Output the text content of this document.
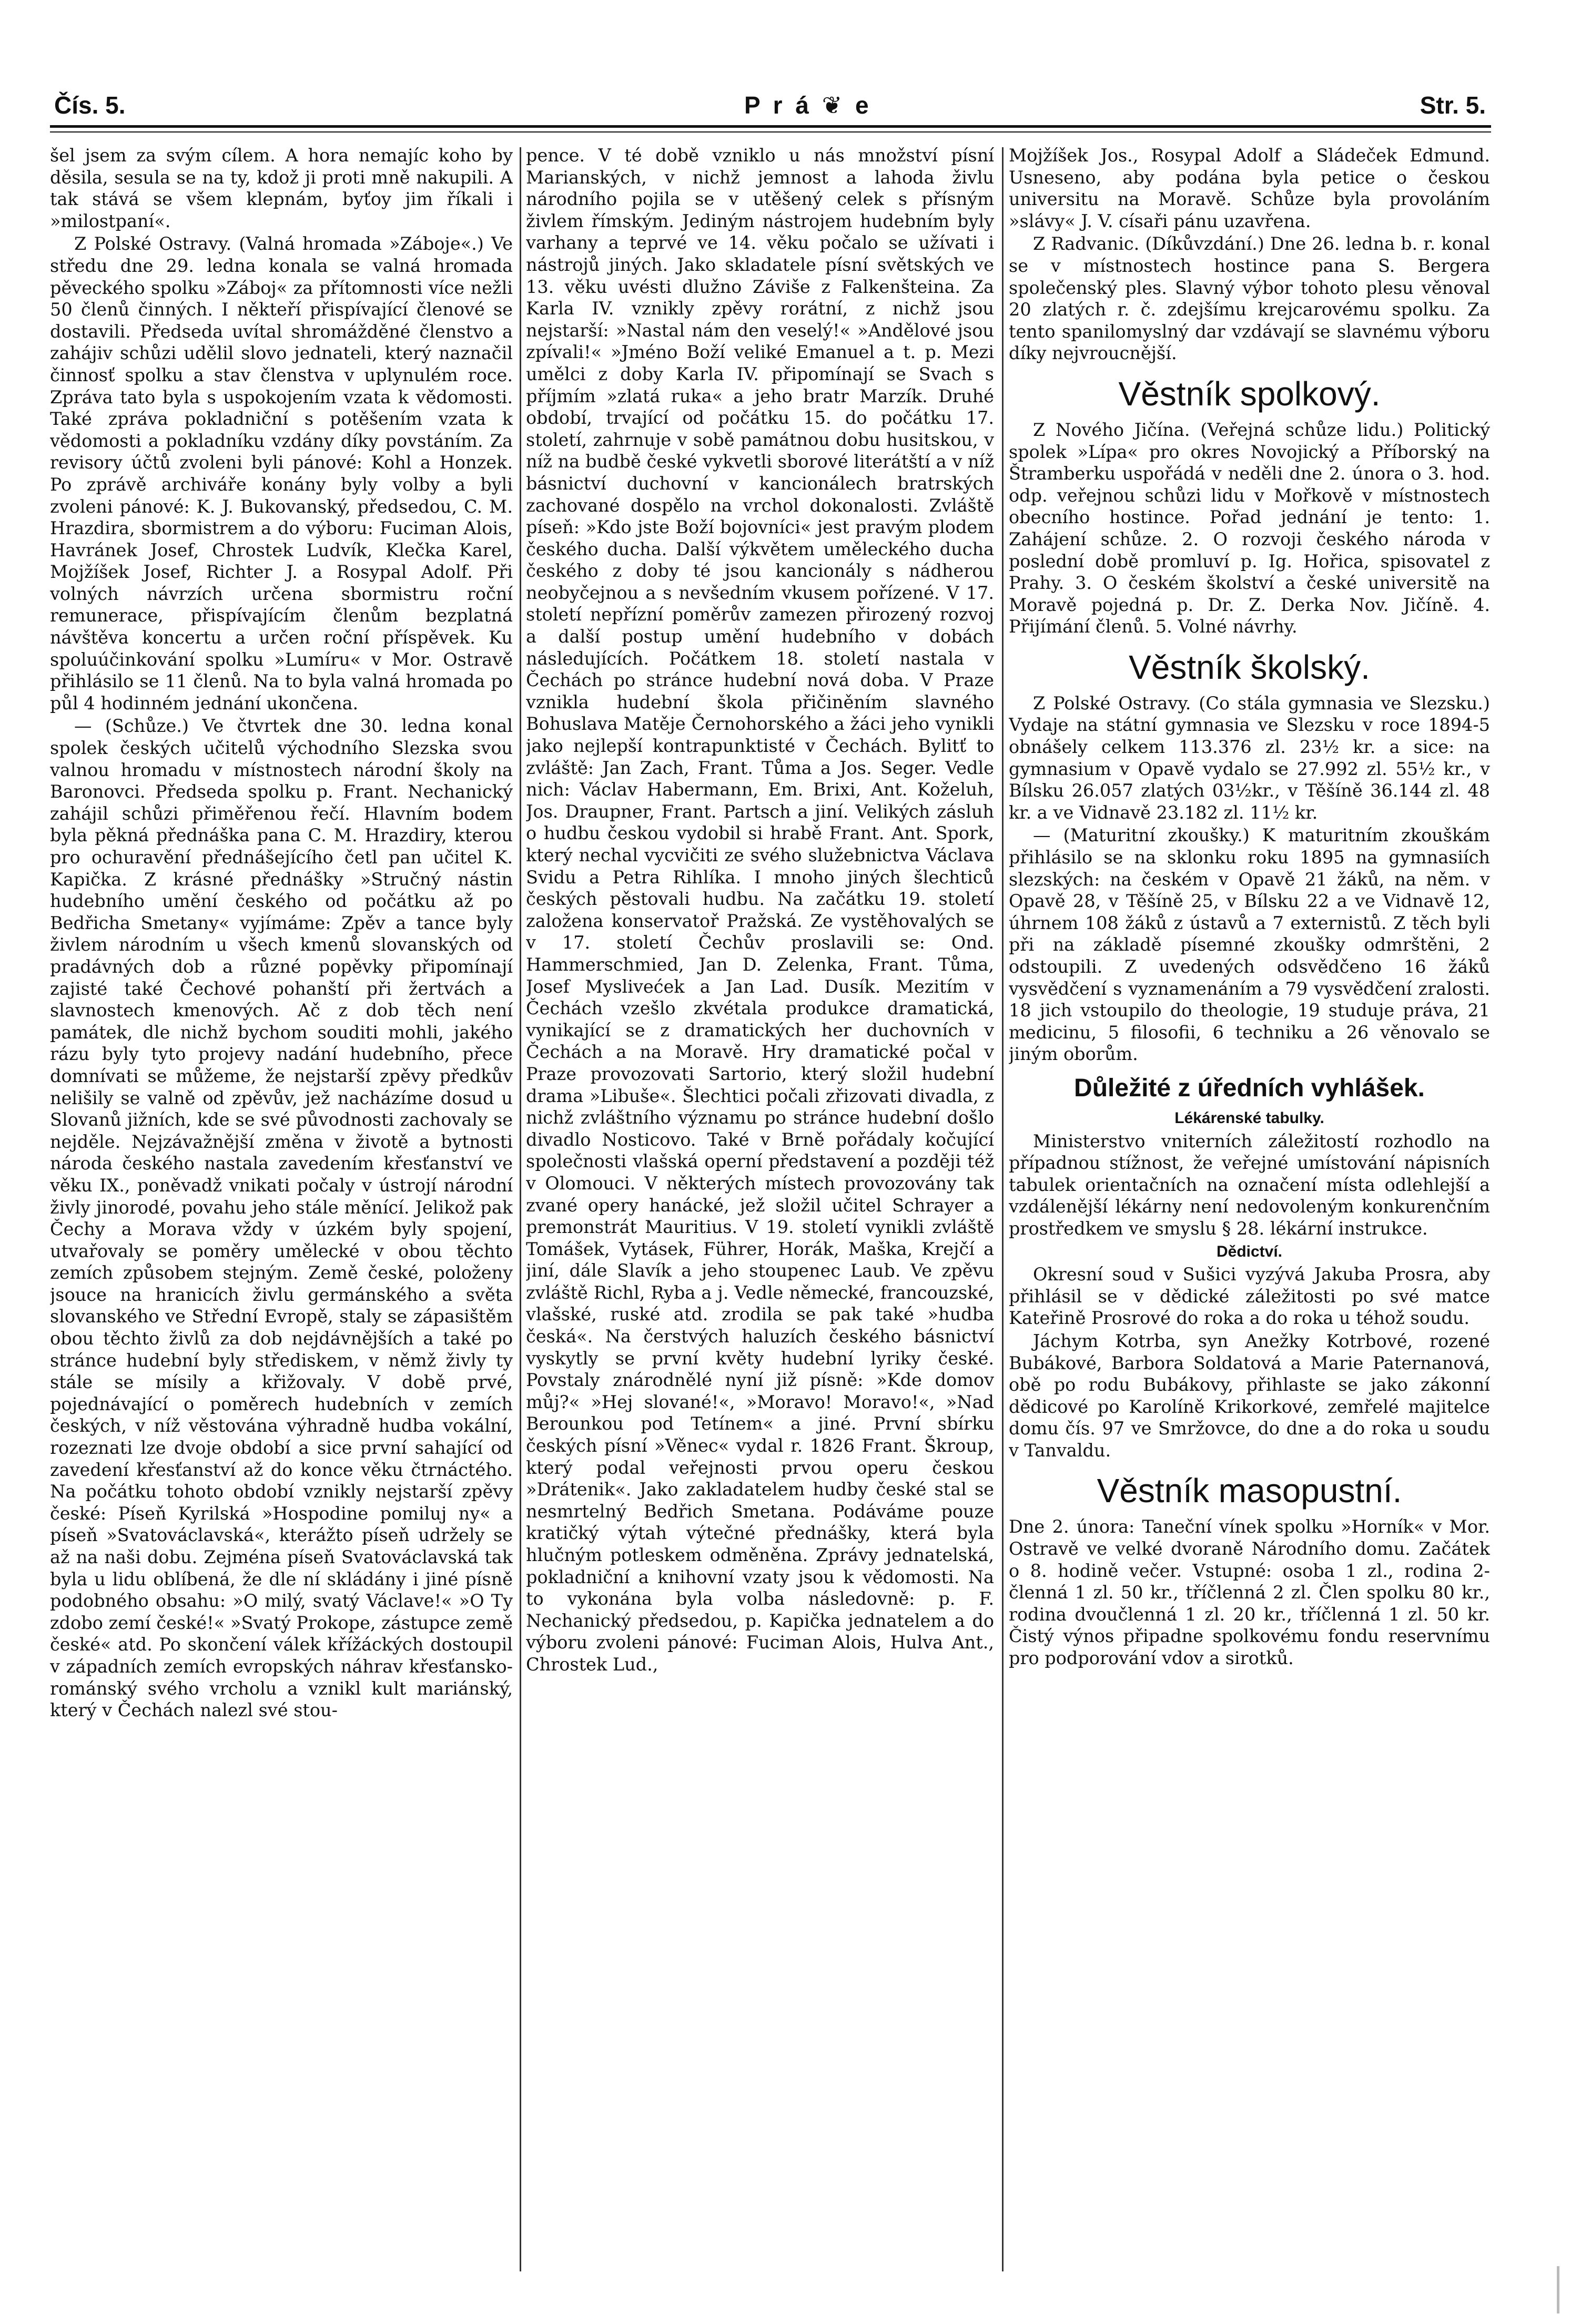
Čís. 5.	P r á ❦ e	Str. 5.

šel jsem za svým cílem. A hora nemajíc koho by děsila, sesula se na ty, kdož ji proti mně nakupili. A tak stává se všem klepnám, byťoy jim říkali i »milostpaní«.

Z Polské Ostravy. (Valná hromada »Záboje«.) Ve středu dne 29. ledna konala se valná hromada pěveckého spolku »Záboj« za přítomnosti více nežli 50 členů činných. I někteří přispívající členové se dostavili. Předseda uvítal shromážděné členstvo a zahájiv schůzi udělil slovo jednateli, který naznačil činnosť spolku a stav členstva v uplynulém roce. Zpráva tato byla s uspokojením vzata k vědomosti. Také zpráva pokladniční s potěšením vzata k vědomosti a pokladníku vzdány díky povstáním. Za revisory účtů zvoleni byli pánové: Kohl a Honzek. Po zprávě archiváře konány byly volby a byli zvoleni pánové: K. J. Bukovanský, předsedou, C. M. Hrazdira, sbormistrem a do výboru: Fuciman Alois, Havránek Josef, Chrostek Ludvík, Klečka Karel, Mojžíšek Josef, Richter J. a Rosypal Adolf. Při volných návrzích určena sbormistru roční remunerace, přispívajícím členům bezplatná návštěva koncertu a určen roční příspěvek. Ku spoluúčinkování spolku »Lumíru« v Mor. Ostravě přihlásilo se 11 členů. Na to byla valná hromada po půl 4 hodinném jednání ukončena.

— (Schůze.) Ve čtvrtek dne 30. ledna konal spolek českých učitelů východního Slezska svou valnou hromadu v místnostech národní školy na Baronovci. Předseda spolku p. Frant. Nechanický zahájil schůzi přiměřenou řečí. Hlavním bodem byla pěkná přednáška pana C. M. Hrazdiry, kterou pro ochuravění přednášejícího četl pan učitel K. Kapička. Z krásné přednášky »Stručný nástin hudebního umění českého od počátku až po Bedřicha Smetany« vyjímáme: Zpěv a tance byly živlem národním u všech kmenů slovanských od pradávných dob a různé popěvky připomínají zajisté také Čechové pohanští při žertvách a slavnostech kmenových. Ač z dob těch není památek, dle nichž bychom souditi mohli, jakého rázu byly tyto projevy nadání hudebního, přece domnívati se můžeme, že nejstarší zpěvy předkův nelišily se valně od zpěvův, jež nacházíme dosud u Slovanů jižních, kde se své původnosti zachovaly se nejděle. Nejzávažnější změna v životě a bytnosti národa českého nastala zavedením křesťanství ve věku IX., poněvadž vnikati počaly v ústrojí národní živly jinorodé, povahu jeho stále měnící. Jelikož pak Čechy a Morava vždy v úzkém byly spojení, utvařovaly se poměry umělecké v obou těchto zemích způsobem stejným. Země české, položeny jsouce na hranicích živlu germánského a světa slovanského ve Střední Evropě, staly se zápasištěm obou těchto živlů za dob nejdávnějších a také po stránce hudební byly střediskem, v němž živly ty stále se mísily a křižovaly. V době prvé, pojednávající o poměrech hudebních v zemích českých, v níž věstována výhradně hudba vokální, rozeznati lze dvoje období a sice první sahající od zavedení křesťanství až do konce věku čtrnáctého. Na počátku tohoto období vznikly nejstarší zpěvy české: Píseň Kyrilská »Hospodine pomiluj ny« a píseň »Svatováclavská«, kterážto píseň udržely se až na naši dobu. Zejména píseň Svatováclavská tak byla u lidu oblíbená, že dle ní skládány i jiné písně podobného obsahu: »O milý, svatý Václave!« »O Ty zdobo zemí české!« »Svatý Prokope, zástupce země české« atd. Po skončení válek křížáckých dostoupil v západních zemích evropských náhrav křesťansko-románský svého vrcholu a vznikl kult mariánský, který v Čechách nalezl své stou-

pence. V té době vzniklo u nás množství písní Marianských, v nichž jemnost a lahoda živlu národního pojila se v utěšený celek s přísným živlem římským. Jediným nástrojem hudebním byly varhany a teprvé ve 14. věku počalo se užívati i nástrojů jiných. Jako skladatele písní světských ve 13. věku uvésti dlužno Záviše z Falkenšteina. Za Karla IV. vznikly zpěvy rorátní, z nichž jsou nejstarší: »Nastal nám den veselý!« »Andělové jsou zpívali!« »Jméno Boží veliké Emanuel a t. p. Mezi umělci z doby Karla IV. připomínají se Svach s příjmím »zlatá ruka« a jeho bratr Marzík. Druhé období, trvající od počátku 15. do počátku 17. století, zahrnuje v sobě památnou dobu husitskou, v níž na budbě české vykvetli sborové literátští a v níž básnictví duchovní v kancionálech bratrských zachované dospělo na vrchol dokonalosti. Zvláště píseň: »Kdo jste Boží bojovníci« jest pravým plodem českého ducha. Další výkvětem uměleckého ducha českého z doby té jsou kancionály s nádherou neobyčejnou a s nevšedním vkusem pořízené. V 17. století nepřízní poměrův zamezen přirozený rozvoj a další postup umění hudebního v dobách následujících. Počátkem 18. století nastala v Čechách po stránce hudební nová doba. V Praze vznikla hudební škola přičiněním slavného Bohuslava Matěje Černohorského a žáci jeho vynikli jako nejlepší kontrapunktisté v Čechách. Bylitť to zvláště: Jan Zach, Frant. Tůma a Jos. Seger. Vedle nich: Václav Habermann, Em. Brixi, Ant. Koželuh, Jos. Draupner, Frant. Partsch a jiní. Velikých zásluh o hudbu českou vydobil si hrabě Frant. Ant. Spork, který nechal vycvičiti ze svého služebnictva Václava Svidu a Petra Rihlíka. I mnoho jiných šlechticů českých pěstovali hudbu. Na začátku 19. století založena konservatoř Pražská. Ze vystěhovalých se v 17. století Čechův proslavili se: Ond. Hammerschmied, Jan D. Zelenka, Frant. Tůma, Josef Myslivećek a Jan Lad. Dusík. Mezitím v Čechách vzešlo zkvétala produkce dramatická, vynikající se z dramatických her duchovních v Čechách a na Moravě. Hry dramatické počal v Praze provozovati Sartorio, který složil hudební drama »Libuše«. Šlechtici počali zřizovati divadla, z nichž zvláštního významu po stránce hudební došlo divadlo Nosticovo. Také v Brně pořádaly kočující společnosti vlašská operní představení a později též v Olomouci. V některých místech provozovány tak zvané opery hanácké, jež složil učitel Schrayer a premonstrát Mauritius. V 19. století vynikli zvláště Tomášek, Vytásek, Führer, Horák, Maška, Krejčí a jiní, dále Slavík a jeho stoupenec Laub. Ve zpěvu zvláště Richl, Ryba a j. Vedle německé, francouzské, vlašské, ruské atd. zrodila se pak také »hudba česká«. Na čerstvých haluzích českého básnictví vyskytly se první květy hudební lyriky české. Povstaly znárodnělé nyní již písně: »Kde domov můj?« »Hej slované!«, »Moravo! Moravo!«, »Nad Berounkou pod Tetínem« a jiné. První sbírku českých písní »Věnec« vydal r. 1826 Frant. Škroup, který podal veřejnosti prvou operu českou »Drátenik«. Jako zakladatelem hudby české stal se nesmrtelný Bedřich Smetana. Podáváme pouze kratičký výtah výtečné přednášky, která byla hlučným potleskem odměněna. Zprávy jednatelská, pokladniční a knihovní vzaty jsou k vědomosti. Na to vykonána byla volba následovně: p. F. Nechanický předsedou, p. Kapička jednatelem a do výboru zvoleni pánové: Fuciman Alois, Hulva Ant., Chrostek Lud.,

Mojžíšek Jos., Rosypal Adolf a Sládeček Edmund. Usneseno, aby podána byla petice o českou universitu na Moravě. Schůze byla provoláním »slávy« J. V. císaři pánu uzavřena.

Z Radvanic. (Díkůvzdání.) Dne 26. ledna b. r. konal se v místnostech hostince pana S. Bergera společenský ples. Slavný výbor tohoto plesu věnoval 20 zlatých r. č. zdejšímu krejcarovému spolku. Za tento spanilomyslný dar vzdávají se slavnému výboru díky nejvroucnější.

Věstník spolkový.

Z Nového Jičína. (Veřejná schůze lidu.) Politický spolek »Lípa« pro okres Novojický a Příborský na Štramberku uspořádá v neděli dne 2. února o 3. hod. odp. veřejnou schůzi lidu v Mořkově v místnostech obecního hostince. Pořad jednání je tento: 1. Zahájení schůze. 2. O rozvoji českého národa v poslední době promluví p. Ig. Hořica, spisovatel z Prahy. 3. O českém školství a české universitě na Moravě pojedná p. Dr. Z. Derka Nov. Jičíně. 4. Přijímání členů. 5. Volné návrhy.

Věstník školský.

Z Polské Ostravy. (Co stála gymnasia ve Slezsku.) Vydaje na státní gymnasia ve Slezsku v roce 1894-5 obnášely celkem 113.376 zl. 23½ kr. a sice: na gymnasium v Opavě vydalo se 27.992 zl. 55½ kr., v Bílsku 26.057 zlatých 03½kr., v Těšíně 36.144 zl. 48 kr. a ve Vidnavě 23.182 zl. 11½ kr.

— (Maturitní zkoušky.) K maturitním zkouškám přihlásilo se na sklonku roku 1895 na gymnasiích slezských: na českém v Opavě 21 žáků, na něm. v Opavě 28, v Těšíně 25, v Bílsku 22 a ve Vidnavě 12, úhrnem 108 žáků z ústavů a 7 externistů. Z těch byli při na základě písemné zkoušky odmrštěni, 2 odstoupili. Z uvedených odsvědčeno 16 žáků vysvědčení s vyznamenáním a 79 vysvědčení zralosti. 18 jich vstoupilo do theologie, 19 studuje práva, 21 medicinu, 5 filosofii, 6 techniku a 26 věnovalo se jiným oborům.

Důležité z úředních vyhlášek.

Lékárenské tabulky.

Ministerstvo vniterních záležitostí rozhodlo na případnou stížnost, že veřejné umístování nápisních tabulek orientačních na označení místa odlehlejší a vzdálenější lékárny není nedovoleným konkurenčním prostředkem ve smyslu § 28. lékární instrukce.

Dědictví.

Okresní soud v Sušici vyzývá Jakuba Prosra, aby přihlásil se v dědické záležitosti po své matce Kateřině Prosrové do roka a do roka u téhož soudu.

Jáchym Kotrba, syn Anežky Kotrbové, rozené Bubákové, Barbora Soldatová a Marie Paternanová, obě po rodu Bubákovy, přihlaste se jako zákonní dědicové po Karolíně Krikorkové, zemřelé majitelce domu čís. 97 ve Smržovce, do dne a do roka u soudu v Tanvaldu.

Věstník masopustní.

Dne 2. února: Taneční vínek spolku »Horník« v Mor. Ostravě ve velké dvoraně Národního domu. Začátek o 8. hodině večer. Vstupné: osoba 1 zl., rodina 2-členná 1 zl. 50 kr., tříčlenná 2 zl. Člen spolku 80 kr., rodina dvoučlenná 1 zl. 20 kr., tříčlenná 1 zl. 50 kr. Čistý výnos připadne spolkovému fondu reservnímu pro podporování vdov a sirotků.
